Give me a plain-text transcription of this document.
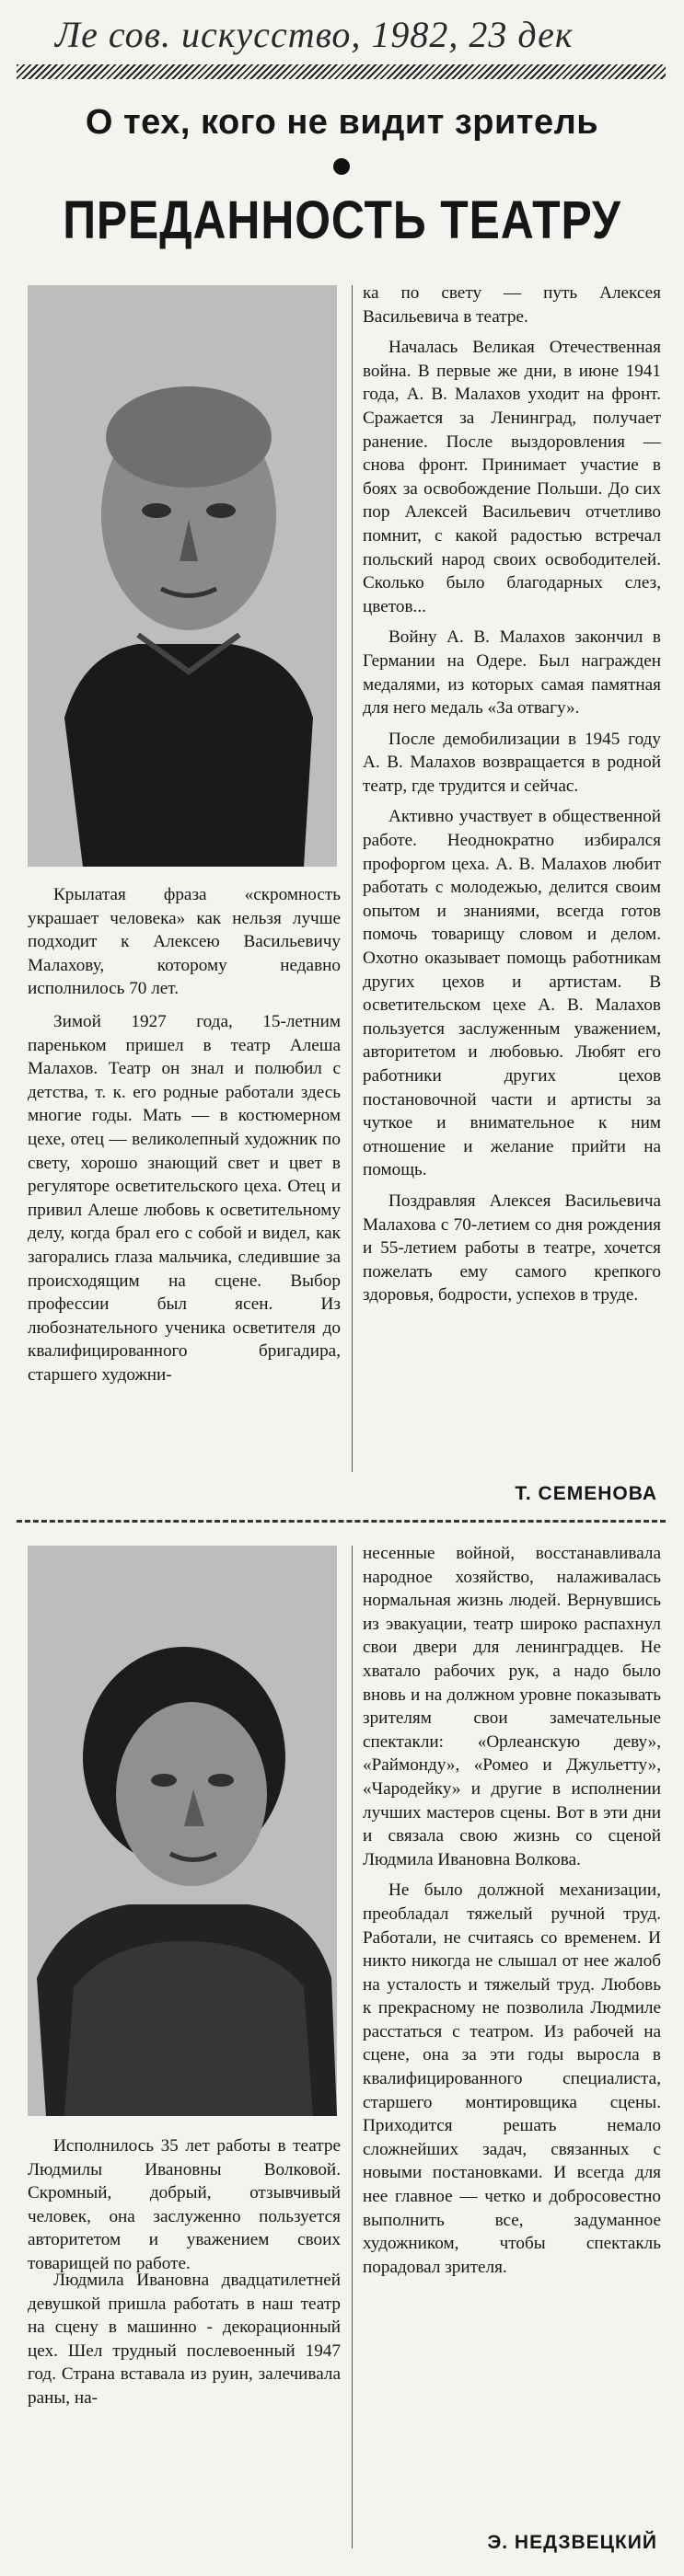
Ле сов. искусство, 1982, 23 дек
О тех, кого не видит зритель
ПРЕДАННОСТЬ ТЕАТРУ

Крылатая фраза «скромность украшает человека» как нельзя лучше подходит к Алексею Васильевичу Малахову, которому недавно исполнилось 70 лет.

Зимой 1927 года, 15-летним пареньком пришел в театр Алеша Малахов. Театр он знал и полюбил с детства, т. к. его родные работали здесь многие годы. Мать — в костюмерном цехе, отец — великолепный художник по свету, хорошо знающий свет и цвет в регуляторе осветительского цеха. Отец и привил Алеше любовь к осветительному делу, когда брал его с собой и видел, как загорались глаза мальчика, следившие за происходящим на сцене. Выбор профессии был ясен. Из любознательного ученика осветителя до квалифицированного бригадира, старшего художни-

ка по свету — путь Алексея Васильевича в театре.

Началась Великая Отечественная война. В первые же дни, в июне 1941 года, А. В. Малахов уходит на фронт. Сражается за Ленинград, получает ранение. После выздоровления — снова фронт. Принимает участие в боях за освобождение Польши. До сих пор Алексей Васильевич отчетливо помнит, с какой радостью встречал польский народ своих освободителей. Сколько было благодарных слез, цветов...

Войну А. В. Малахов закончил в Германии на Одере. Был награжден медалями, из которых самая памятная для него медаль «За отвагу».

После демобилизации в 1945 году А. В. Малахов возвращается в родной театр, где трудится и сейчас.

Активно участвует в общественной работе. Неоднократно избирался профоргом цеха. А. В. Малахов любит работать с молодежью, делится своим опытом и знаниями, всегда готов помочь товарищу словом и делом. Охотно оказывает помощь работникам других цехов и артистам. В осветительском цехе А. В. Малахов пользуется заслуженным уважением, авторитетом и любовью. Любят его работники других цехов постановочной части и артисты за чуткое и внимательное к ним отношение и желание прийти на помощь.

Поздравляя Алексея Васильевича Малахова с 70-летием со дня рождения и 55-летием работы в театре, хочется пожелать ему самого крепкого здоровья, бодрости, успехов в труде.

Т. СЕМЕНОВА

Исполнилось 35 лет работы в театре Людмилы Ивановны Волковой. Скромный, добрый, отзывчивый человек, она заслуженно пользуется авторитетом и уважением своих товарищей по работе.

Людмила Ивановна двадцатилетней девушкой пришла работать в наш театр на сцену в машинно - декорационный цех. Шел трудный послевоенный 1947 год. Страна вставала из руин, залечивала раны, на-

несенные войной, восстанавливала народное хозяйство, налаживалась нормальная жизнь людей. Вернувшись из эвакуации, театр широко распахнул свои двери для ленинградцев. Не хватало рабочих рук, а надо было вновь и на должном уровне показывать зрителям свои замечательные спектакли: «Орлеанскую деву», «Раймонду», «Ромео и Джульетту», «Чародейку» и другие в исполнении лучших мастеров сцены. Вот в эти дни и связала свою жизнь со сценой Людмила Ивановна Волкова.

Не было должной механизации, преобладал тяжелый ручной труд. Работали, не считаясь со временем. И никто никогда не слышал от нее жалоб на усталость и тяжелый труд. Любовь к прекрасному не позволила Людмиле расстаться с театром. Из рабочей на сцене, она за эти годы выросла в квалифицированного специалиста, старшего монтировщика сцены. Приходится решать немало сложнейших задач, связанных с новыми постановками. И всегда для нее главное — четко и добросовестно выполнить все, задуманное художником, чтобы спектакль порадовал зрителя.

Э. НЕДЗВЕЦКИЙ
